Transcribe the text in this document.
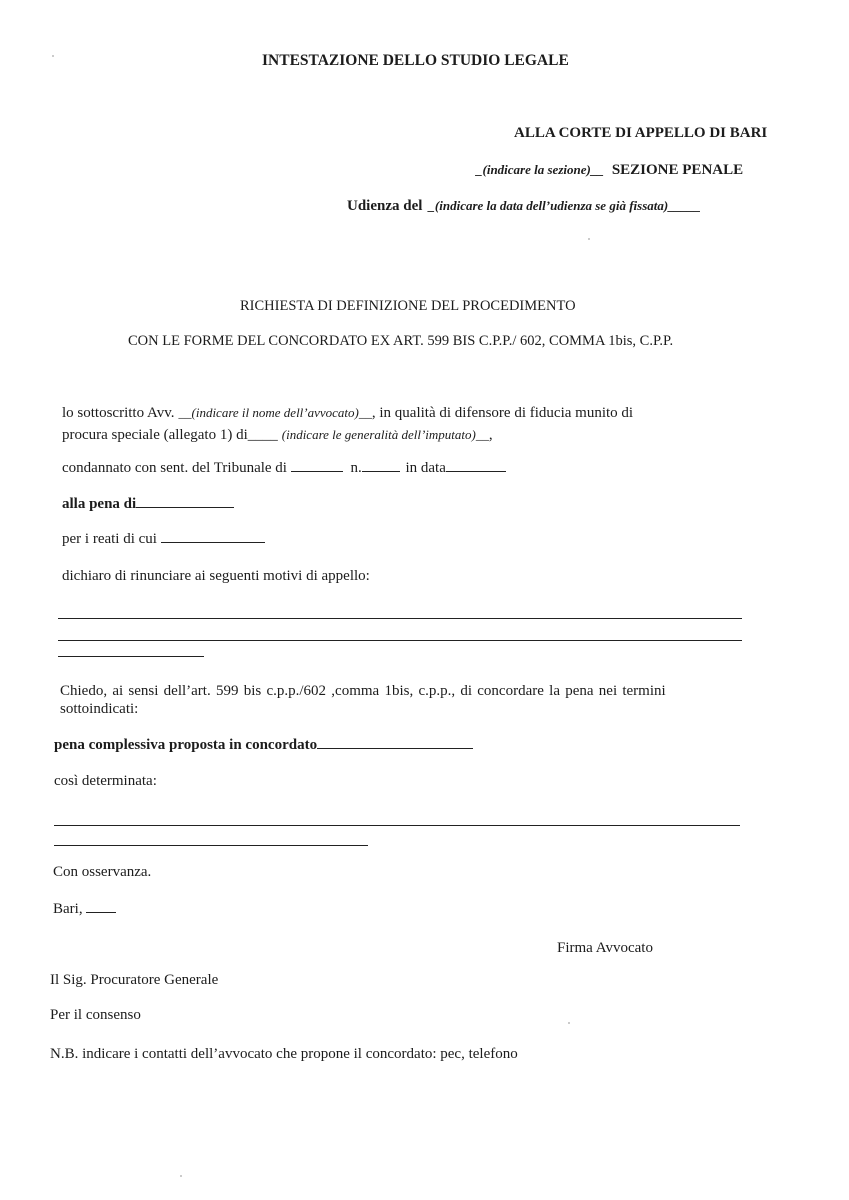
INTESTAZIONE DELLO STUDIO LEGALE
ALLA CORTE DI APPELLO DI BARI
_(indicare la sezione)__ SEZIONE PENALE
Udienza del _(indicare la data dell’udienza se già fissata)_____
RICHIESTA DI DEFINIZIONE DEL PROCEDIMENTO
CON LE FORME DEL CONCORDATO EX ART. 599 BIS C.P.P./ 602, COMMA 1bis, C.P.P.
lo sottoscritto Avv. __(indicare il nome dell’avvocato)__, in qualità di difensore di fiducia munito di
procura speciale (allegato 1) di____ (indicare le generalità dell’imputato)__,
condannato con sent. del Tribunale di	n.	in data
alla pena di
per i reati di cui
dichiaro di rinunciare ai seguenti motivi di appello:
Chiedo, ai sensi dell’art. 599 bis c.p.p./602 ,comma 1bis, c.p.p., di concordare la pena nei termini
sottoindicati:
pena complessiva proposta in concordato
così determinata:
Con osservanza.
Bari,
Firma Avvocato
Il Sig. Procuratore Generale
Per il consenso
N.B. indicare i contatti dell’avvocato che propone il concordato: pec, telefono
